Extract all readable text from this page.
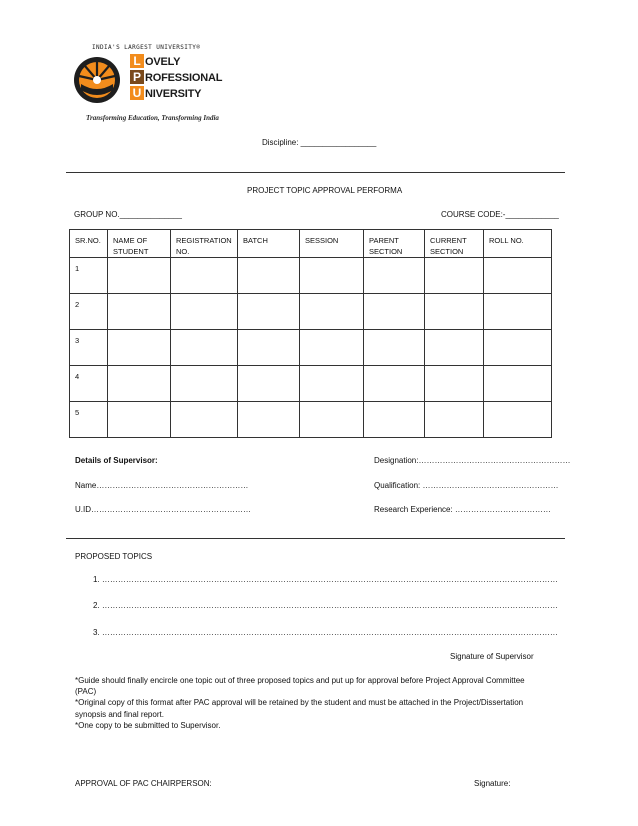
INDIA'S LARGEST UNIVERSITY®
L
P
U
OVELY
ROFESSIONAL
NIVERSITY
Transforming Education, Transforming India
Discipline: _________________
PROJECT TOPIC APPROVAL PERFORMA
GROUP NO.______________	COURSE CODE:-____________
SR.NO.	NAME OF STUDENT	REGISTRATION NO.	BATCH	SESSION	PARENT SECTION	CURRENT SECTION	ROLL NO.
1							
2							
3							
4							
5							
Details of Supervisor:
Name…………………………………………………
U.ID……………………………………………………
Designation:…………………………………………………
Qualification: ……………………………………………
Research Experience: ………………………………
PROPOSED TOPICS
1. ………………………………………………………………………………………………………………………………………………………
2. ………………………………………………………………………………………………………………………………………………………
3. ………………………………………………………………………………………………………………………………………………………
Signature of Supervisor

*Guide should finally encircle one topic out of three proposed topics and put up for approval before Project Approval Committee (PAC)

*Original copy of this format after PAC approval will be retained by the student and must be attached in the Project/Dissertation synopsis and final report.

*One copy to be submitted to Supervisor.

APPROVAL OF PAC CHAIRPERSON:	Signature:
